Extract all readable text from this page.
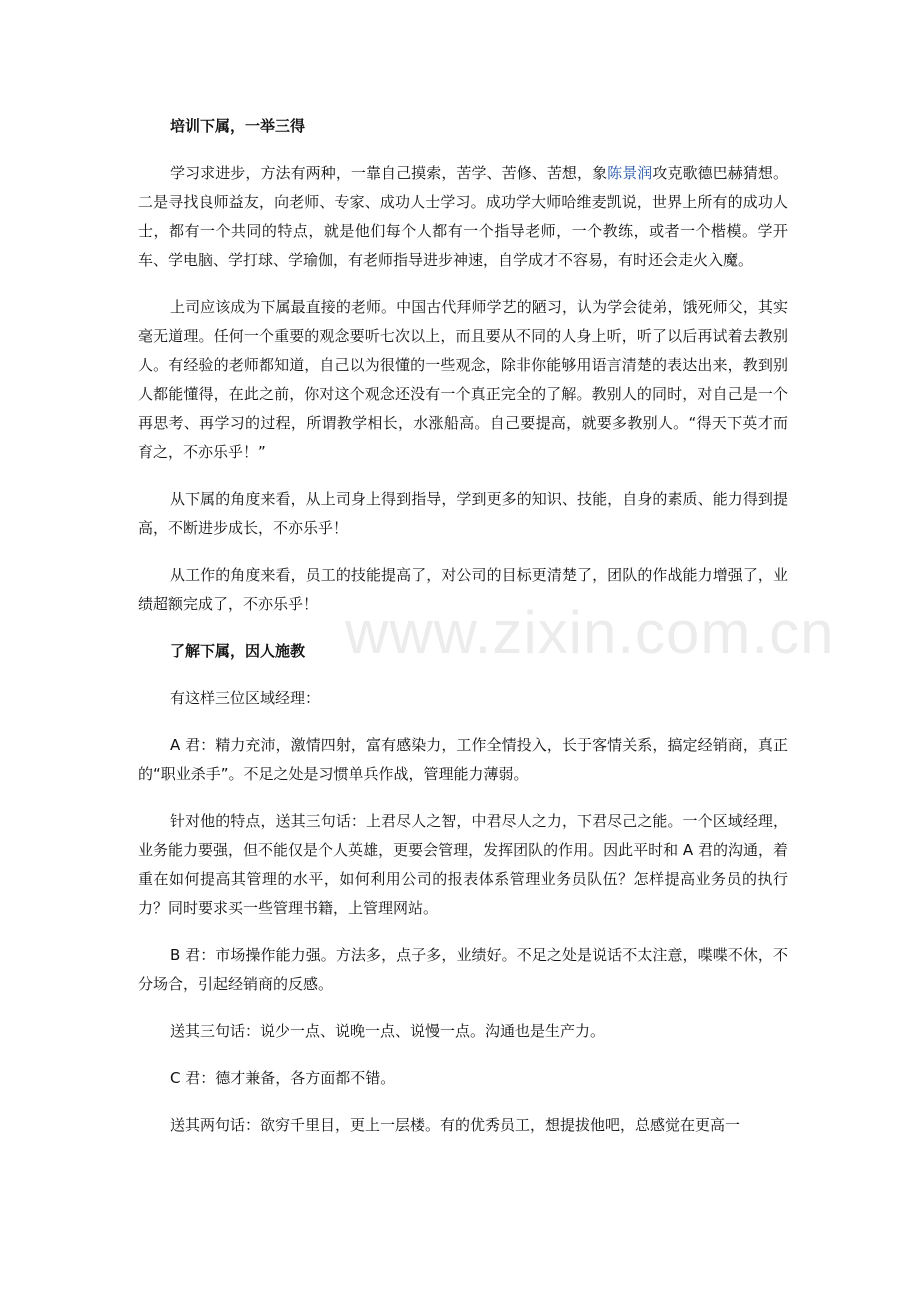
培训下属，一举三得

学习求进步，方法有两种，一靠自己摸索，苦学、苦修、苦想，象陈景润攻克歌德巴赫猜想。二是寻找良师益友，向老师、专家、成功人士学习。成功学大师哈维麦凯说，世界上所有的成功人士，都有一个共同的特点，就是他们每个人都有一个指导老师，一个教练，或者一个楷模。学开车、学电脑、学打球、学瑜伽，有老师指导进步神速，自学成才不容易，有时还会走火入魔。

上司应该成为下属最直接的老师。中国古代拜师学艺的陋习，认为学会徒弟，饿死师父，其实毫无道理。任何一个重要的观念要听七次以上，而且要从不同的人身上听，听了以后再试着去教别人。有经验的老师都知道，自己以为很懂的一些观念，除非你能够用语言清楚的表达出来，教到别人都能懂得，在此之前，你对这个观念还没有一个真正完全的了解。教别人的同时，对自己是一个再思考、再学习的过程，所谓教学相长，水涨船高。自己要提高，就要多教别人。“得天下英才而育之，不亦乐乎！”

从下属的角度来看，从上司身上得到指导，学到更多的知识、技能，自身的素质、能力得到提高，不断进步成长，不亦乐乎！

从工作的角度来看，员工的技能提高了，对公司的目标更清楚了，团队的作战能力增强了，业绩超额完成了，不亦乐乎！

了解下属，因人施教

有这样三位区域经理：

A 君：精力充沛，激情四射，富有感染力，工作全情投入，长于客情关系，搞定经销商，真正的“职业杀手”。不足之处是习惯单兵作战，管理能力薄弱。

针对他的特点，送其三句话：上君尽人之智，中君尽人之力，下君尽己之能。一个区域经理，业务能力要强，但不能仅是个人英雄，更要会管理，发挥团队的作用。因此平时和 A 君的沟通，着重在如何提高其管理的水平，如何利用公司的报表体系管理业务员队伍？怎样提高业务员的执行力？同时要求买一些管理书籍，上管理网站。

B 君：市场操作能力强。方法多，点子多，业绩好。不足之处是说话不太注意，喋喋不休，不分场合，引起经销商的反感。

送其三句话：说少一点、说晚一点、说慢一点。沟通也是生产力。

C 君：德才兼备，各方面都不错。

送其两句话：欲穷千里目，更上一层楼。有的优秀员工，想提拔他吧，总感觉在更高一

www.zixin.com.cn
